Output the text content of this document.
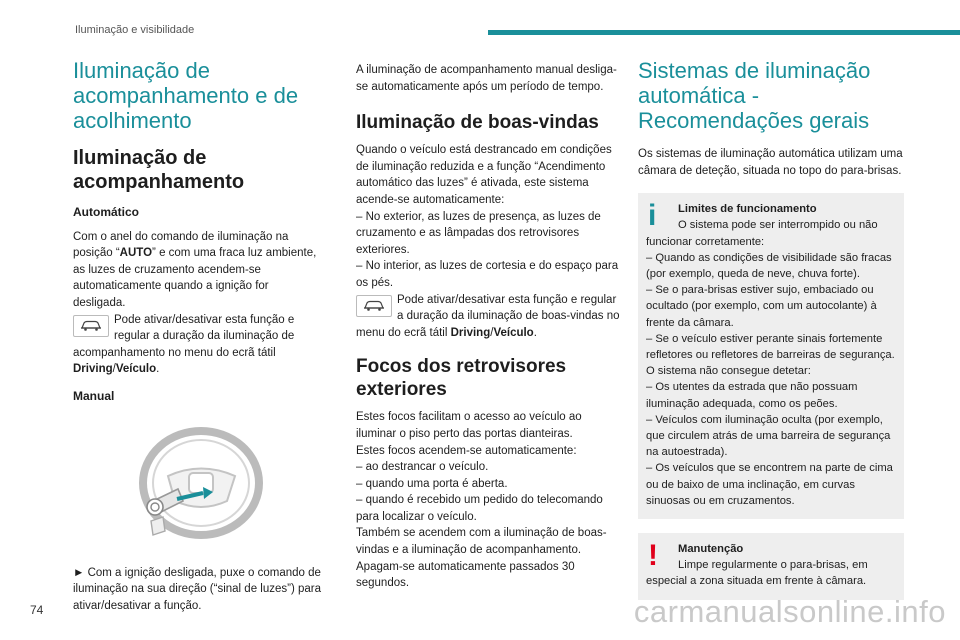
Iluminação e visibilidade
Iluminação de acompanhamento e de acolhimento
Iluminação de acompanhamento

Automático

Com o anel do comando de iluminação na posição “AUTO” e com uma fraca luz ambiente, as luzes de cruzamento acendem-se automaticamente quando a ignição for desligada.

Pode ativar/desativar esta função e regular a duração da iluminação de acompanhamento no menu do ecrã tátil Driving/Veículo.

Manual

► Com a ignição desligada, puxe o comando de iluminação na sua direção (“sinal de luzes”) para ativar/desativar a função.

A iluminação de acompanhamento manual desliga-se automaticamente após um período de tempo.

Iluminação de boas-vindas

Quando o veículo está destrancado em condições de iluminação reduzida e a função “Acendimento automático das luzes” é ativada, este sistema acende-se automaticamente:
– No exterior, as luzes de presença, as luzes de cruzamento e as lâmpadas dos retrovisores exteriores.
– No interior, as luzes de cortesia e do espaço para os pés.

Pode ativar/desativar esta função e regular a duração da iluminação de boas-vindas no menu do ecrã tátil Driving/Veículo.

Focos dos retrovisores exteriores

Estes focos facilitam o acesso ao veículo ao iluminar o piso perto das portas dianteiras.
Estes focos acendem-se automaticamente:
– ao destrancar o veículo.
– quando uma porta é aberta.
– quando é recebido um pedido do telecomando para localizar o veículo.
Também se acendem com a iluminação de boas-vindas e a iluminação de acompanhamento.
Apagam-se automaticamente passados 30 segundos.

Sistemas de iluminação automática - Recomendações gerais

Os sistemas de iluminação automática utilizam uma câmara de deteção, situada no topo do para-brisas.

i Limites de funcionamento

O sistema pode ser interrompido ou não

funcionar corretamente:
– Quando as condições de visibilidade são fracas (por exemplo, queda de neve, chuva forte).
– Se o para-brisas estiver sujo, embaciado ou ocultado (por exemplo, com um autocolante) à frente da câmara.
– Se o veículo estiver perante sinais fortemente refletores ou refletores de barreiras de segurança.
O sistema não consegue detetar:
– Os utentes da estrada que não possuam iluminação adequada, como os peões.
– Veículos com iluminação oculta (por exemplo, que circulem atrás de uma barreira de segurança na autoestrada).
– Os veículos que se encontrem na parte de cima ou de baixo de uma inclinação, em curvas sinuosas ou em cruzamentos.

! Manutenção

Limpe regularmente o para-brisas, em

especial a zona situada em frente à câmara.

74	carmanualsonline.info
